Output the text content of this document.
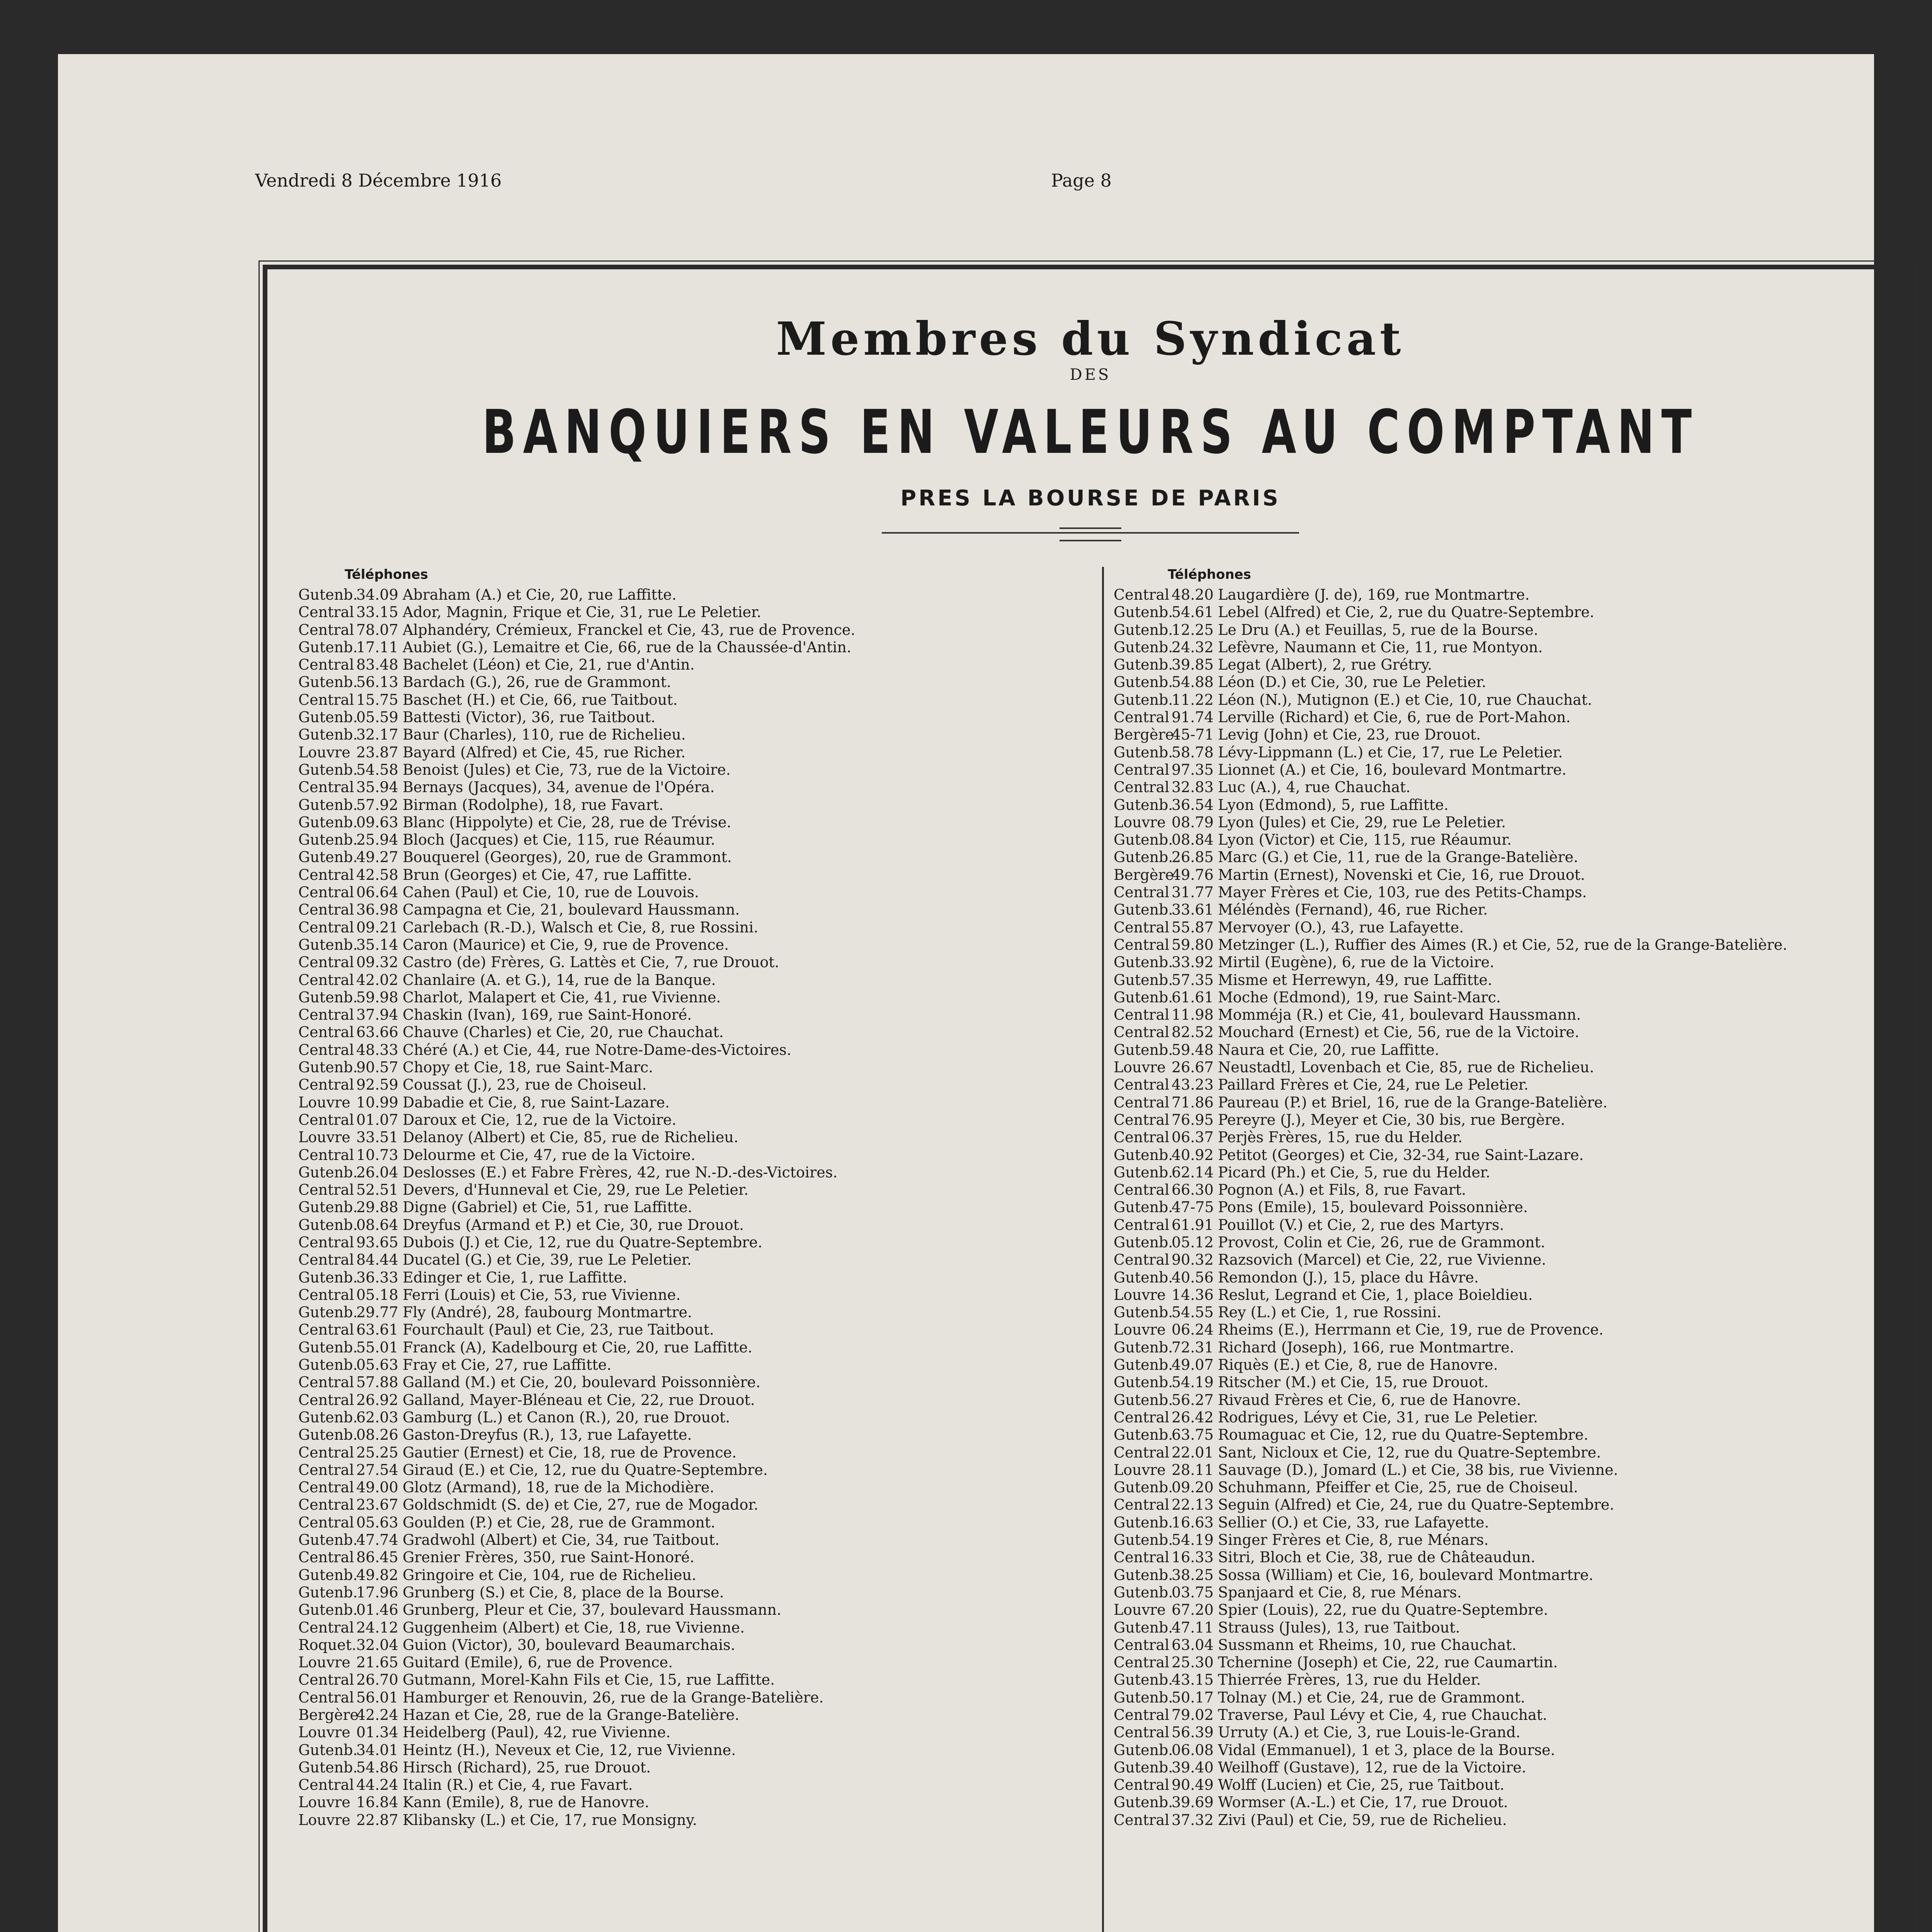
Vendredi 8 Décembre 1916	Page 8
Membres du Syndicat
DES
BANQUIERS EN VALEURS AU COMPTANT
PRES LA BOURSE DE PARIS
Téléphones	Téléphones
Gutenb.
34.09 Abraham (A.) et Cie, 20, rue Laffitte.
Central 33.15 Ador, Magnin, Frique et Cie, 31, rue Le Peletier.
Central 78.07 Alphandéry, Crémieux, Franckel et Cie, 43, rue de Provence.
Gutenb.
17.11 Aubiet (G.), Lemaitre et Cie, 66, rue de la Chaussée-d'Antin.
Central 83.48 Bachelet (Léon) et Cie, 21, rue d'Antin.
Gutenb.
56.13 Bardach (G.), 26, rue de Grammont.
Central 15.75 Baschet (H.) et Cie, 66, rue Taitbout.
Gutenb.
05.59 Battesti (Victor), 36, rue Taitbout.
Gutenb.
32.17 Baur (Charles), 110, rue de Richelieu.
Louvre 23.87 Bayard (Alfred) et Cie, 45, rue Richer.
Gutenb.
54.58 Benoist (Jules) et Cie, 73, rue de la Victoire.
Central 35.94 Bernays (Jacques), 34, avenue de l'Opéra.
Gutenb.
57.92 Birman (Rodolphe), 18, rue Favart.
Gutenb.
09.63 Blanc (Hippolyte) et Cie, 28, rue de Trévise.
Gutenb.
25.94 Bloch (Jacques) et Cie, 115, rue Réaumur.
Gutenb.
49.27 Bouquerel (Georges), 20, rue de Grammont.
Central 42.58 Brun (Georges) et Cie, 47, rue Laffitte.
Central 06.64 Cahen (Paul) et Cie, 10, rue de Louvois.
Central 36.98 Campagna et Cie, 21, boulevard Haussmann.
Central 09.21 Carlebach (R.-D.), Walsch et Cie, 8, rue Rossini.
Gutenb.
35.14 Caron (Maurice) et Cie, 9, rue de Provence.
Central 09.32 Castro (de) Frères, G. Lattès et Cie, 7, rue Drouot.
Central 42.02 Chanlaire (A. et G.), 14, rue de la Banque.
Gutenb.
59.98 Charlot, Malapert et Cie, 41, rue Vivienne.
Central 37.94 Chaskin (Ivan), 169, rue Saint-Honoré.
Central 63.66 Chauve (Charles) et Cie, 20, rue Chauchat.
Central 48.33 Chéré (A.) et Cie, 44, rue Notre-Dame-des-Victoires.
Gutenb.
90.57 Chopy et Cie, 18, rue Saint-Marc.
Central 92.59 Coussat (J.), 23, rue de Choiseul.
Louvre 10.99 Dabadie et Cie, 8, rue Saint-Lazare.
Central 01.07 Daroux et Cie, 12, rue de la Victoire.
Louvre 33.51 Delanoy (Albert) et Cie, 85, rue de Richelieu.
Central 10.73 Delourme et Cie, 47, rue de la Victoire.
Gutenb.
26.04 Deslosses (E.) et Fabre Frères, 42, rue N.-D.-des-Victoires.
Central 52.51 Devers, d'Hunneval et Cie, 29, rue Le Peletier.
Gutenb.
29.88 Digne (Gabriel) et Cie, 51, rue Laffitte.
Gutenb.
08.64 Dreyfus (Armand et P.) et Cie, 30, rue Drouot.
Central 93.65 Dubois (J.) et Cie, 12, rue du Quatre-Septembre.
Central 84.44 Ducatel (G.) et Cie, 39, rue Le Peletier.
Gutenb.
36.33 Edinger et Cie, 1, rue Laffitte.
Central 05.18 Ferri (Louis) et Cie, 53, rue Vivienne.
Gutenb.
29.77 Fly (André), 28, faubourg Montmartre.
Central 63.61 Fourchault (Paul) et Cie, 23, rue Taitbout.
Gutenb.
55.01 Franck (A), Kadelbourg et Cie, 20, rue Laffitte.
Gutenb.
05.63 Fray et Cie, 27, rue Laffitte.
Central 57.88 Galland (M.) et Cie, 20, boulevard Poissonnière.
Central 26.92 Galland, Mayer-Bléneau et Cie, 22, rue Drouot.
Gutenb.
62.03 Gamburg (L.) et Canon (R.), 20, rue Drouot.
Gutenb.
08.26 Gaston-Dreyfus (R.), 13, rue Lafayette.
Central 25.25 Gautier (Ernest) et Cie, 18, rue de Provence.
Central 27.54 Giraud (E.) et Cie, 12, rue du Quatre-Septembre.
Central 49.00 Glotz (Armand), 18, rue de la Michodière.
Central 23.67 Goldschmidt (S. de) et Cie, 27, rue de Mogador.
Central 05.63 Goulden (P.) et Cie, 28, rue de Grammont.
Gutenb.
47.74 Gradwohl (Albert) et Cie, 34, rue Taitbout.
Central 86.45 Grenier Frères, 350, rue Saint-Honoré.
Gutenb.
49.82 Gringoire et Cie, 104, rue de Richelieu.
Gutenb.
17.96 Grunberg (S.) et Cie, 8, place de la Bourse.
Gutenb.
01.46 Grunberg, Pleur et Cie, 37, boulevard Haussmann.
Central 24.12 Guggenheim (Albert) et Cie, 18, rue Vivienne.
Roquet. 32.04 Guion (Victor), 30, boulevard Beaumarchais.
Louvre 21.65 Guitard (Emile), 6, rue de Provence.
Central 26.70 Gutmann, Morel-Kahn Fils et Cie, 15, rue Laffitte.
Central 56.01 Hamburger et Renouvin, 26, rue de la Grange-Batelière.
Bergère
42.24 Hazan et Cie, 28, rue de la Grange-Batelière.
Louvre 01.34 Heidelberg (Paul), 42, rue Vivienne.
Gutenb.
34.01 Heintz (H.), Neveux et Cie, 12, rue Vivienne.
Gutenb.
54.86 Hirsch (Richard), 25, rue Drouot.
Central 44.24 Italin (R.) et Cie, 4, rue Favart.
Louvre 16.84 Kann (Emile), 8, rue de Hanovre.
Louvre 22.87 Klibansky (L.) et Cie, 17, rue Monsigny.
Central 48.20 Laugardière (J. de), 169, rue Montmartre.
Gutenb.
54.61 Lebel (Alfred) et Cie, 2, rue du Quatre-Septembre.
Gutenb.
12.25 Le Dru (A.) et Feuillas, 5, rue de la Bourse.
Gutenb.
24.32 Lefèvre, Naumann et Cie, 11, rue Montyon.
Gutenb.
39.85 Legat (Albert), 2, rue Grétry.
Gutenb.
54.88 Léon (D.) et Cie, 30, rue Le Peletier.
Gutenb.
11.22 Léon (N.), Mutignon (E.) et Cie, 10, rue Chauchat.
Central 91.74 Lerville (Richard) et Cie, 6, rue de Port-Mahon.
Bergère
45-71 Levig (John) et Cie, 23, rue Drouot.
Gutenb.
58.78 Lévy-Lippmann (L.) et Cie, 17, rue Le Peletier.
Central 97.35 Lionnet (A.) et Cie, 16, boulevard Montmartre.
Central 32.83 Luc (A.), 4, rue Chauchat.
Gutenb.
36.54 Lyon (Edmond), 5, rue Laffitte.
Louvre 08.79 Lyon (Jules) et Cie, 29, rue Le Peletier.
Gutenb.
08.84 Lyon (Victor) et Cie, 115, rue Réaumur.
Gutenb.
26.85 Marc (G.) et Cie, 11, rue de la Grange-Batelière.
Bergère
49.76 Martin (Ernest), Novenski et Cie, 16, rue Drouot.
Central 31.77 Mayer Frères et Cie, 103, rue des Petits-Champs.
Gutenb.
33.61 Méléndès (Fernand), 46, rue Richer.
Central 55.87 Mervoyer (O.), 43, rue Lafayette.
Central 59.80 Metzinger (L.), Ruffier des Aimes (R.) et Cie, 52, rue de la Grange-Batelière.
Gutenb.
33.92 Mirtil (Eugène), 6, rue de la Victoire.
Gutenb.
57.35 Misme et Herrewyn, 49, rue Laffitte.
Gutenb.
61.61 Moche (Edmond), 19, rue Saint-Marc.
Central 11.98 Momméja (R.) et Cie, 41, boulevard Haussmann.
Central 82.52 Mouchard (Ernest) et Cie, 56, rue de la Victoire.
Gutenb.
59.48 Naura et Cie, 20, rue Laffitte.
Louvre 26.67 Neustadtl, Lovenbach et Cie, 85, rue de Richelieu.
Central 43.23 Paillard Frères et Cie, 24, rue Le Peletier.
Central 71.86 Paureau (P.) et Briel, 16, rue de la Grange-Batelière.
Central 76.95 Pereyre (J.), Meyer et Cie, 30 bis, rue Bergère.
Central 06.37 Perjès Frères, 15, rue du Helder.
Gutenb.
40.92 Petitot (Georges) et Cie, 32-34, rue Saint-Lazare.
Gutenb.
62.14 Picard (Ph.) et Cie, 5, rue du Helder.
Central 66.30 Pognon (A.) et Fils, 8, rue Favart.
Gutenb.
47-75 Pons (Emile), 15, boulevard Poissonnière.
Central 61.91 Pouillot (V.) et Cie, 2, rue des Martyrs.
Gutenb.
05.12 Provost, Colin et Cie, 26, rue de Grammont.
Central 90.32 Razsovich (Marcel) et Cie, 22, rue Vivienne.
Gutenb.
40.56 Remondon (J.), 15, place du Hâvre.
Louvre 14.36 Reslut, Legrand et Cie, 1, place Boieldieu.
Gutenb.
54.55 Rey (L.) et Cie, 1, rue Rossini.
Louvre 06.24 Rheims (E.), Herrmann et Cie, 19, rue de Provence.
Gutenb.
72.31 Richard (Joseph), 166, rue Montmartre.
Gutenb.
49.07 Riquès (E.) et Cie, 8, rue de Hanovre.
Gutenb.
54.19 Ritscher (M.) et Cie, 15, rue Drouot.
Gutenb.
56.27 Rivaud Frères et Cie, 6, rue de Hanovre.
Central 26.42 Rodrigues, Lévy et Cie, 31, rue Le Peletier.
Gutenb.
63.75 Roumaguac et Cie, 12, rue du Quatre-Septembre.
Central 22.01 Sant, Nicloux et Cie, 12, rue du Quatre-Septembre.
Louvre 28.11 Sauvage (D.), Jomard (L.) et Cie, 38 bis, rue Vivienne.
Gutenb.
09.20 Schuhmann, Pfeiffer et Cie, 25, rue de Choiseul.
Central 22.13 Seguin (Alfred) et Cie, 24, rue du Quatre-Septembre.
Gutenb.
16.63 Sellier (O.) et Cie, 33, rue Lafayette.
Gutenb.
54.19 Singer Frères et Cie, 8, rue Ménars.
Central 16.33 Sitri, Bloch et Cie, 38, rue de Châteaudun.
Gutenb.
38.25 Sossa (William) et Cie, 16, boulevard Montmartre.
Gutenb.
03.75 Spanjaard et Cie, 8, rue Ménars.
Louvre 67.20 Spier (Louis), 22, rue du Quatre-Septembre.
Gutenb.
47.11 Strauss (Jules), 13, rue Taitbout.
Central 63.04 Sussmann et Rheims, 10, rue Chauchat.
Central 25.30 Tchernine (Joseph) et Cie, 22, rue Caumartin.
Gutenb.
43.15 Thierrée Frères, 13, rue du Helder.
Gutenb.
50.17 Tolnay (M.) et Cie, 24, rue de Grammont.
Central 79.02 Traverse, Paul Lévy et Cie, 4, rue Chauchat.
Central 56.39 Urruty (A.) et Cie, 3, rue Louis-le-Grand.
Gutenb.
06.08 Vidal (Emmanuel), 1 et 3, place de la Bourse.
Gutenb.
39.40 Weilhoff (Gustave), 12, rue de la Victoire.
Central 90.49 Wolff (Lucien) et Cie, 25, rue Taitbout.
Gutenb.
39.69 Wormser (A.-L.) et Cie, 17, rue Drouot.
Central 37.32 Zivi (Paul) et Cie, 59, rue de Richelieu.
